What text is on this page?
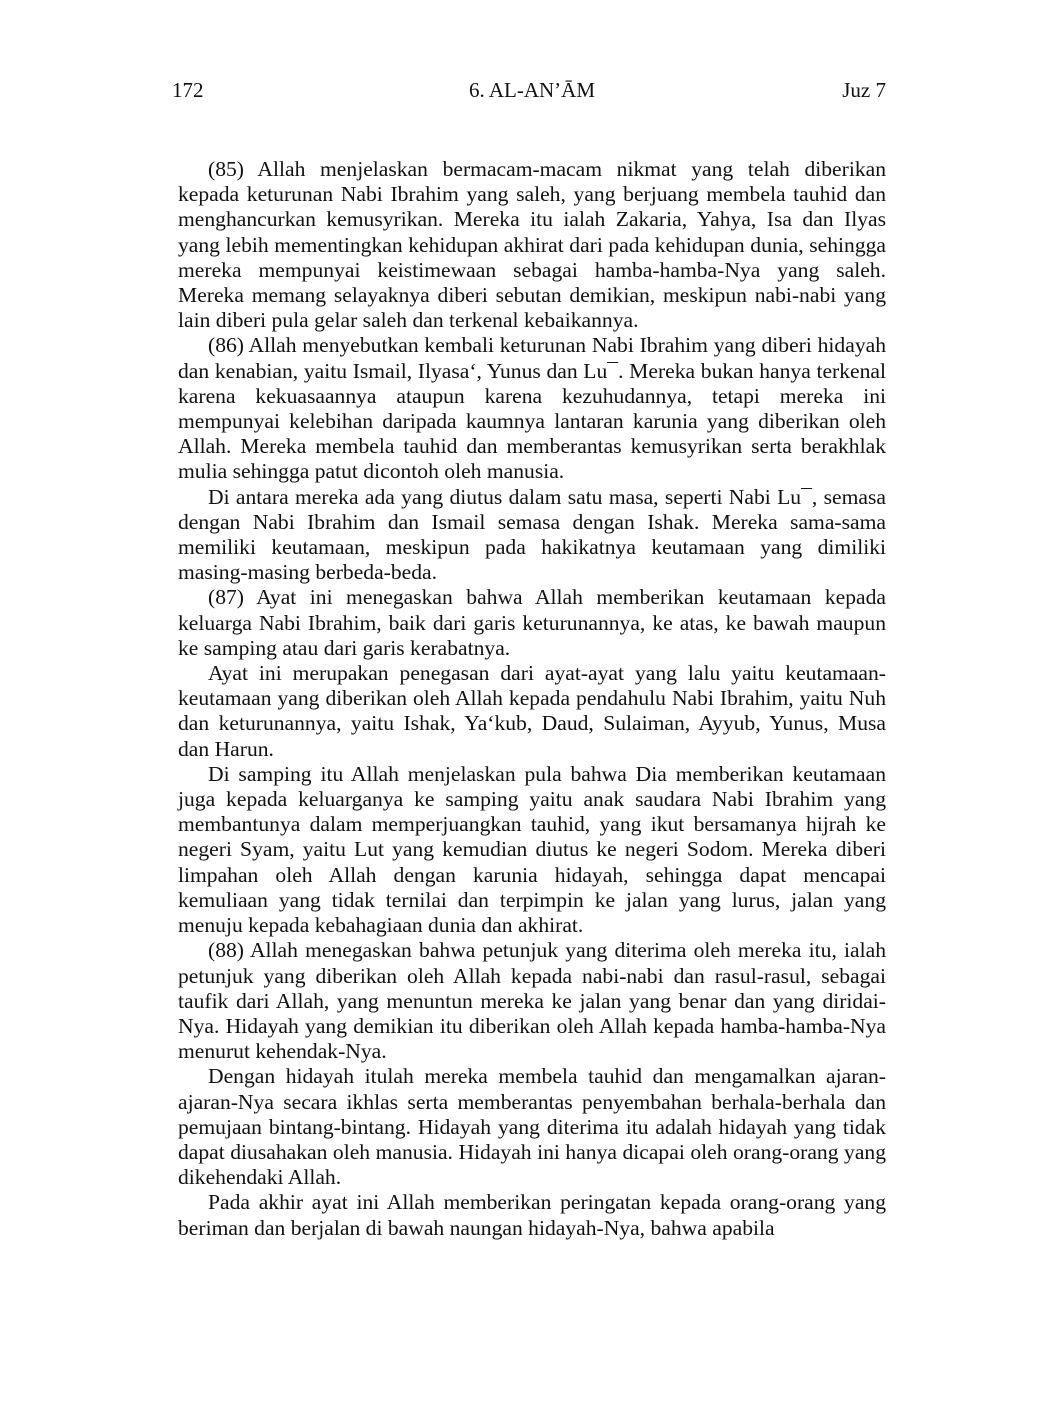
172	6. AL-AN’ĀM	Juz 7

(85) Allah menjelaskan bermacam-macam nikmat yang telah diberikan kepada keturunan Nabi Ibrahim yang saleh, yang berjuang membela tauhid dan menghancurkan kemusyrikan. Mereka itu ialah Zakaria, Yahya, Isa dan Ilyas yang lebih mementingkan kehidupan akhirat dari pada kehidupan dunia, sehingga mereka mempunyai keistimewaan sebagai hamba-hamba-Nya yang saleh. Mereka memang selayaknya diberi sebutan demikian, meskipun nabi-nabi yang lain diberi pula gelar saleh dan terkenal kebaikannya.

(86) Allah menyebutkan kembali keturunan Nabi Ibrahim yang diberi hidayah dan kenabian, yaitu Ismail, Ilyasa‘, Yunus dan Lu¯. Mereka bukan hanya terkenal karena kekuasaannya ataupun karena kezuhudannya, tetapi mereka ini mempunyai kelebihan daripada kaumnya lantaran karunia yang diberikan oleh Allah. Mereka membela tauhid dan memberantas kemusyrikan serta berakhlak mulia sehingga patut dicontoh oleh manusia.

Di antara mereka ada yang diutus dalam satu masa, seperti Nabi Lu¯, semasa dengan Nabi Ibrahim dan Ismail semasa dengan Ishak. Mereka sama-sama memiliki keutamaan, meskipun pada hakikatnya keutamaan yang dimiliki masing-masing berbeda-beda.

(87) Ayat ini menegaskan bahwa Allah memberikan keutamaan kepada keluarga Nabi Ibrahim, baik dari garis keturunannya, ke atas, ke bawah maupun ke samping atau dari garis kerabatnya.

Ayat ini merupakan penegasan dari ayat-ayat yang lalu yaitu keutamaan-keutamaan yang diberikan oleh Allah kepada pendahulu Nabi Ibrahim, yaitu Nuh dan keturunannya, yaitu Ishak, Ya‘kub, Daud, Sulaiman, Ayyub, Yunus, Musa dan Harun.

Di samping itu Allah menjelaskan pula bahwa Dia memberikan keutamaan juga kepada keluarganya ke samping yaitu anak saudara Nabi Ibrahim yang membantunya dalam memperjuangkan tauhid, yang ikut bersamanya hijrah ke negeri Syam, yaitu Lut yang kemudian diutus ke negeri Sodom. Mereka diberi limpahan oleh Allah dengan karunia hidayah, sehingga dapat mencapai kemuliaan yang tidak ternilai dan terpimpin ke jalan yang lurus, jalan yang menuju kepada kebahagiaan dunia dan akhirat.

(88) Allah menegaskan bahwa petunjuk yang diterima oleh mereka itu, ialah petunjuk yang diberikan oleh Allah kepada nabi-nabi dan rasul-rasul, sebagai taufik dari Allah, yang menuntun mereka ke jalan yang benar dan yang diridai-Nya. Hidayah yang demikian itu diberikan oleh Allah kepada hamba-hamba-Nya menurut kehendak-Nya.

Dengan hidayah itulah mereka membela tauhid dan mengamalkan ajaran-ajaran-Nya secara ikhlas serta memberantas penyembahan berhala-berhala dan pemujaan bintang-bintang. Hidayah yang diterima itu adalah hidayah yang tidak dapat diusahakan oleh manusia. Hidayah ini hanya dicapai oleh orang-orang yang dikehendaki Allah.

Pada akhir ayat ini Allah memberikan peringatan kepada orang-orang yang beriman dan berjalan di bawah naungan hidayah-Nya, bahwa apabila
